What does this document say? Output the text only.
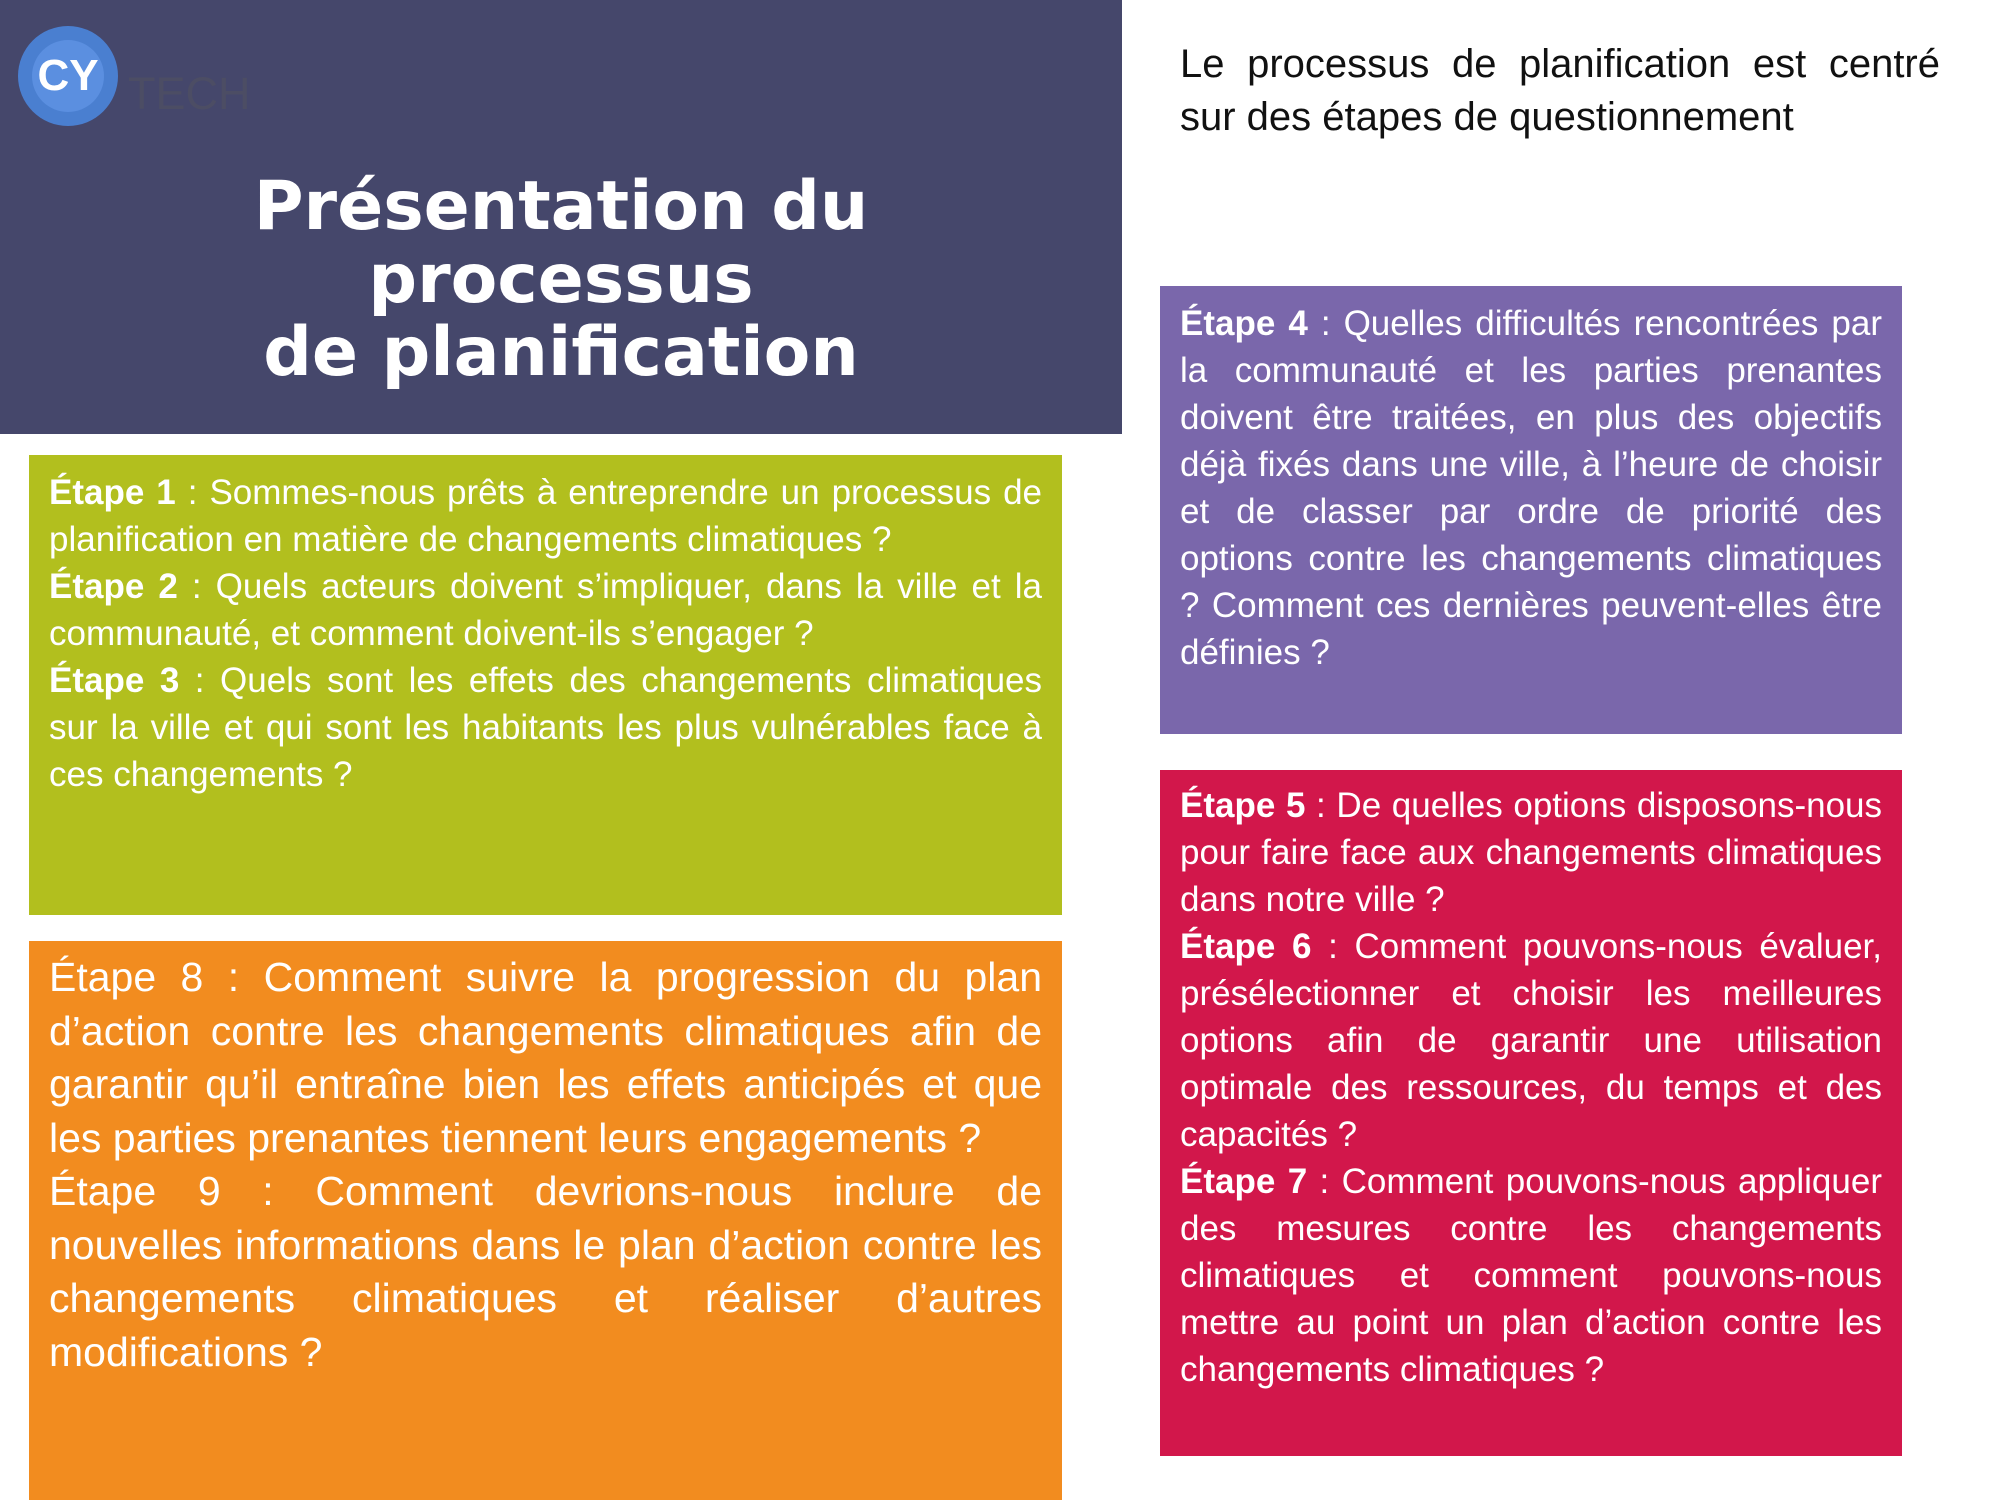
CY TECH
Présentation du processus
de planification

Le processus de planification est centré sur des étapes de questionnement

Étape 1 : Sommes-nous prêts à entreprendre un processus de planification en matière de changements climatiques ?

Étape 2 : Quels acteurs doivent s’impliquer, dans la ville et la communauté, et comment doivent-ils s’engager ?

Étape 3 : Quels sont les effets des changements climatiques sur la ville et qui sont les habitants les plus vulnérables face à ces changements ?

Étape 8 : Comment suivre la progression du plan d’action contre les changements climatiques afin de garantir qu’il entraîne bien les effets anticipés et que les parties prenantes tiennent leurs engagements ?

Étape 9 : Comment devrions-nous inclure de nouvelles informations dans le plan d’action contre les changements climatiques et réaliser d’autres modifications ?

Étape 4 : Quelles difficultés rencontrées par la communauté et les parties prenantes doivent être traitées, en plus des objectifs déjà fixés dans une ville, à l’heure de choisir et de classer par ordre de priorité des options contre les changements climatiques ? Comment ces dernières peuvent-elles être définies ?

Étape 5 : De quelles options disposons-nous pour faire face aux changements climatiques dans notre ville ?

Étape 6 : Comment pouvons-nous évaluer, présélectionner et choisir les meilleures options afin de garantir une utilisation optimale des ressources, du temps et des capacités ?

Étape 7 : Comment pouvons-nous appliquer des mesures contre les changements climatiques et comment pouvons-nous mettre au point un plan d’action contre les changements climatiques ?
